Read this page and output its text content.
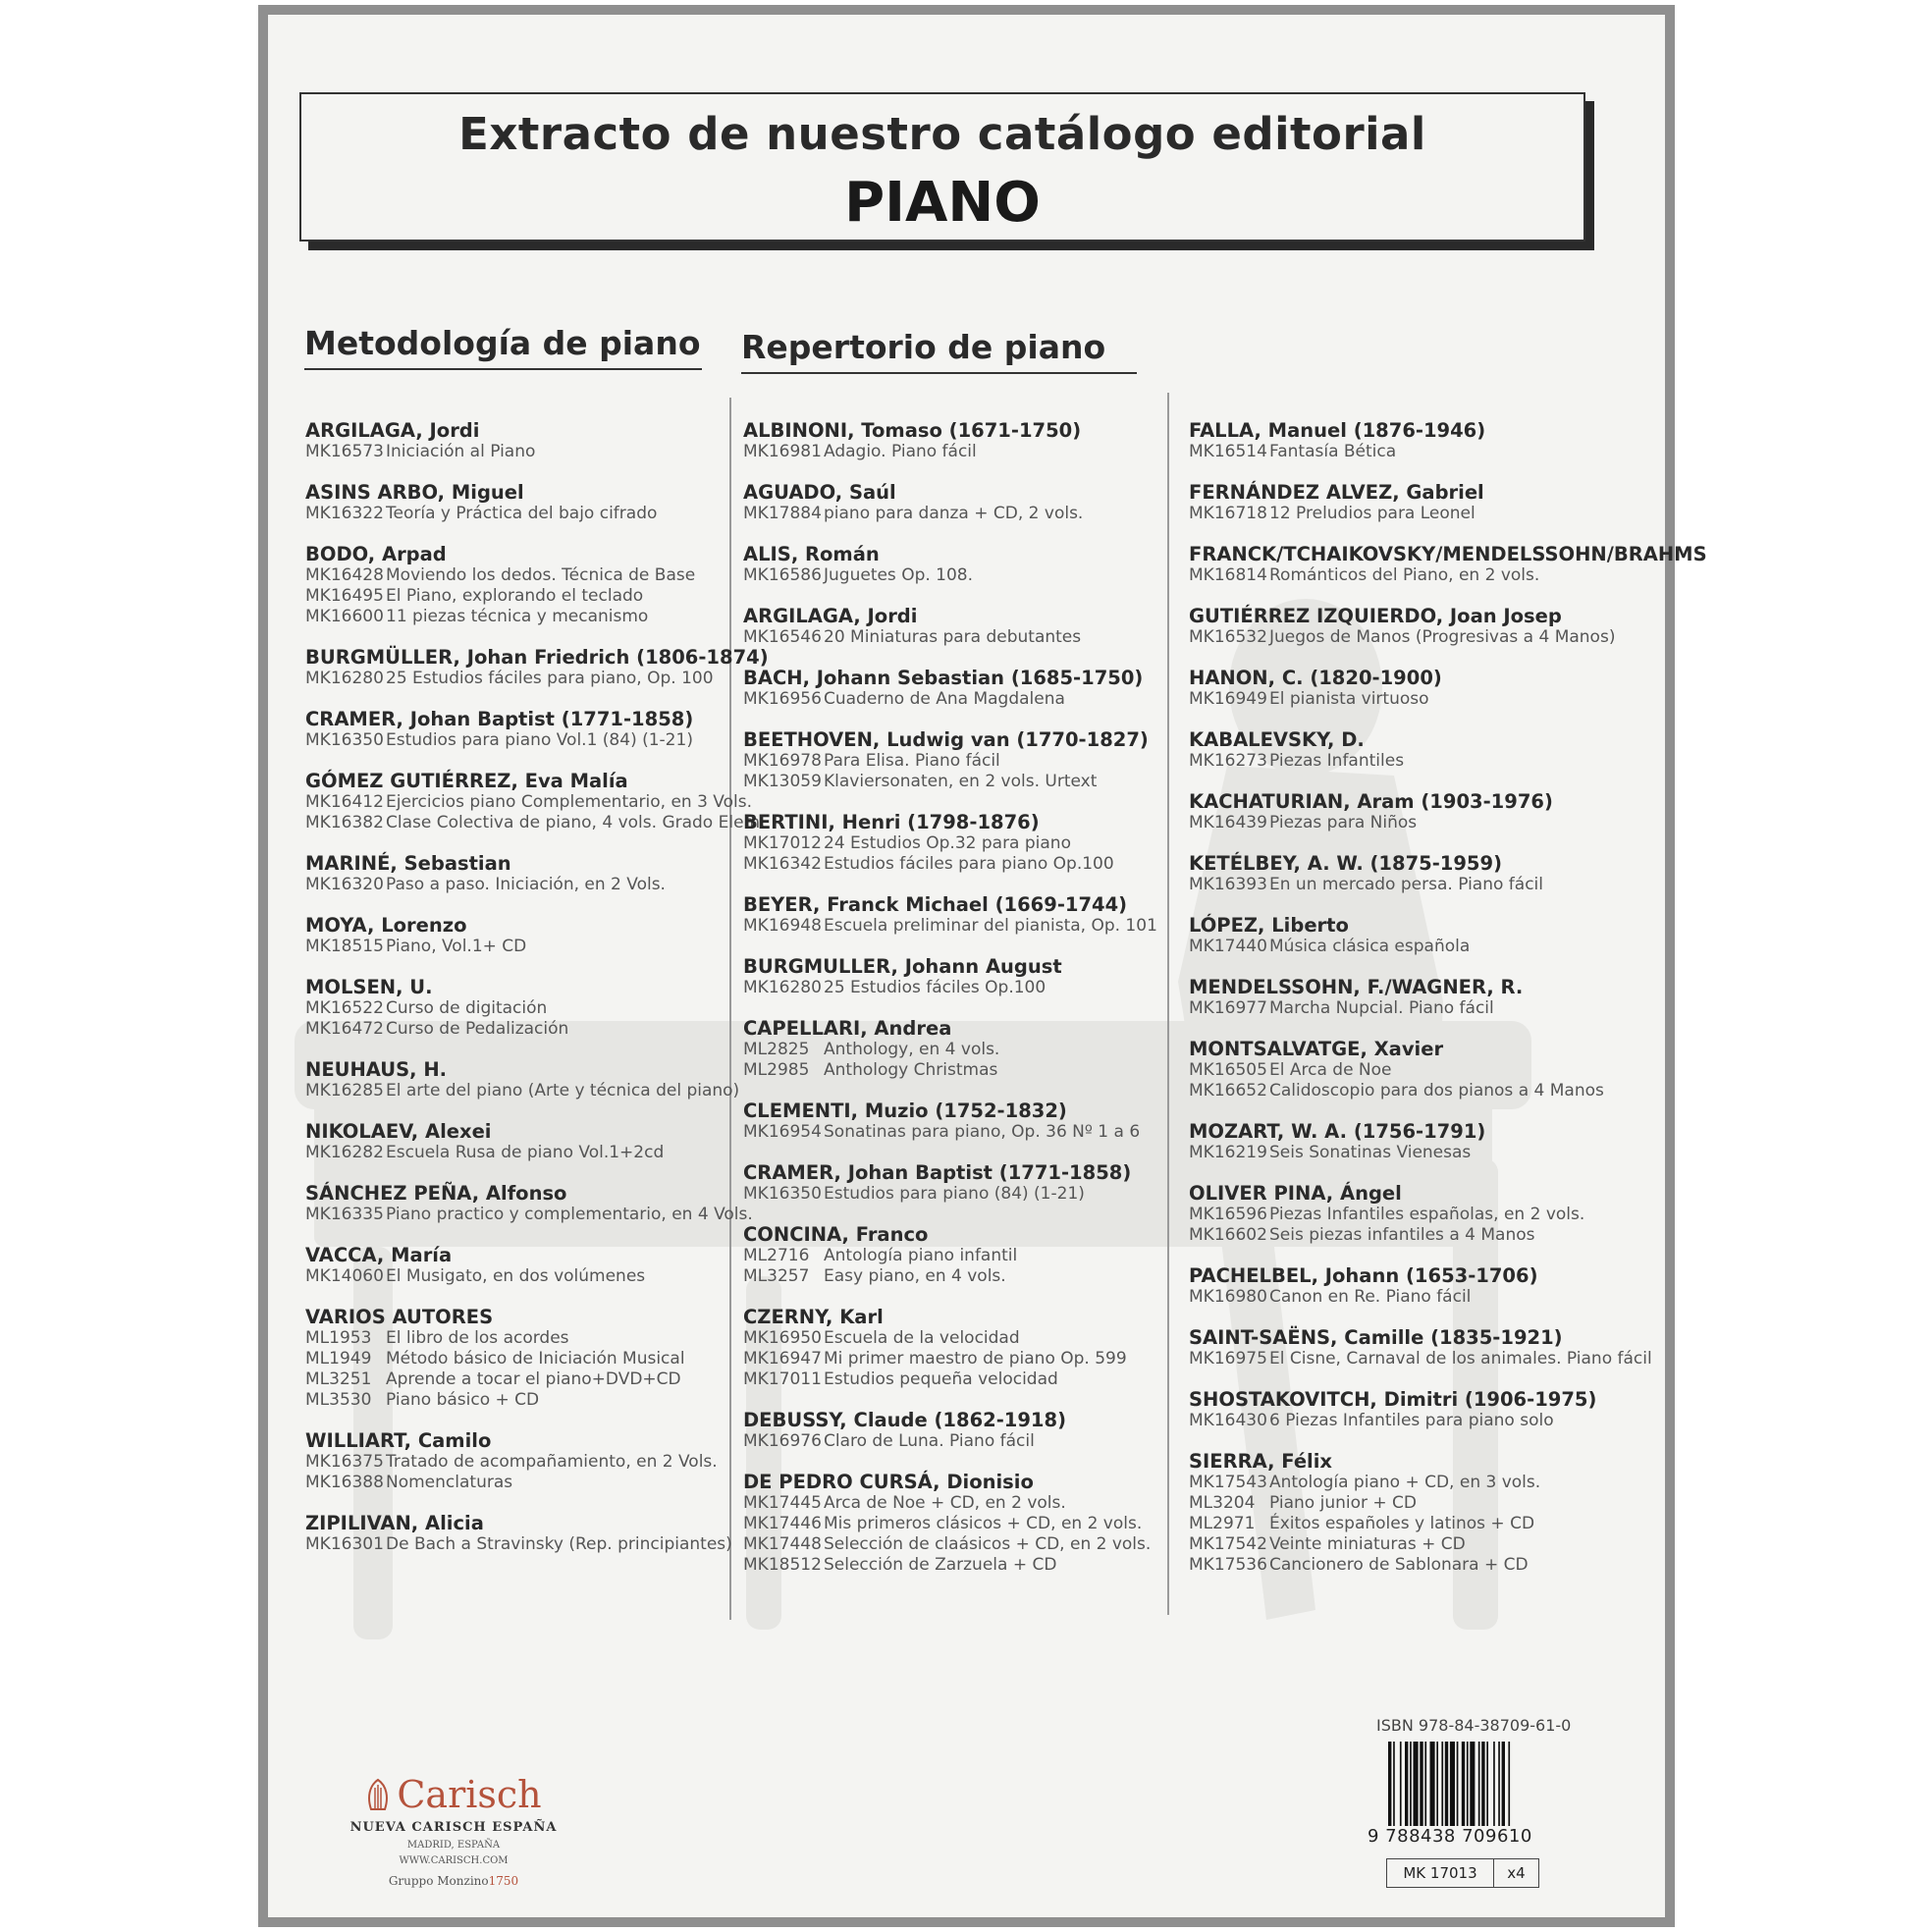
Extracto de nuestro catálogo editorial
PIANO
Metodología de piano Repertorio de piano
ARGILAGA, Jordi
MK16573 Iniciación al Piano
ASINS ARBO, Miguel
MK16322 Teoría y Práctica del bajo cifrado
BODO, Arpad
MK16428 Moviendo los dedos. Técnica de Base
MK16495 El Piano, explorando el teclado
MK16600 11 piezas técnica y mecanismo
BURGMÜLLER, Johan Friedrich (1806-1874)
MK16280 25 Estudios fáciles para piano, Op. 100
CRAMER, Johan Baptist (1771-1858)
MK16350 Estudios para piano Vol.1 (84) (1-21)
GÓMEZ GUTIÉRREZ, Eva Malía
MK16412 Ejercicios piano Complementario, en 3 Vols.
MK16382 Clase Colectiva de piano, 4 vols. Grado Elem.
MARINÉ, Sebastian
MK16320 Paso a paso. Iniciación, en 2 Vols.
MOYA, Lorenzo
MK18515 Piano, Vol.1+ CD
MOLSEN, U.
MK16522 Curso de digitación
MK16472 Curso de Pedalización
NEUHAUS, H.
MK16285 El arte del piano (Arte y técnica del piano)
NIKOLAEV, Alexei
MK16282 Escuela Rusa de piano Vol.1+2cd
SÁNCHEZ PEÑA, Alfonso
MK16335 Piano practico y complementario, en 4 Vols.
VACCA, María
MK14060 El Musigato, en dos volúmenes
VARIOS AUTORES
ML1953 El libro de los acordes
ML1949 Método básico de Iniciación Musical
ML3251 Aprende a tocar el piano+DVD+CD
ML3530 Piano básico + CD
WILLIART, Camilo
MK16375 Tratado de acompañamiento, en 2 Vols.
MK16388 Nomenclaturas
ZIPILIVAN, Alicia
MK16301 De Bach a Stravinsky (Rep. principiantes)
ALBINONI, Tomaso (1671-1750)
MK16981 Adagio. Piano fácil
AGUADO, Saúl
MK17884 piano para danza + CD, 2 vols.
ALIS, Román
MK16586 Juguetes Op. 108.
ARGILAGA, Jordi
MK16546 20 Miniaturas para debutantes
BACH, Johann Sebastian (1685-1750)
MK16956 Cuaderno de Ana Magdalena
BEETHOVEN, Ludwig van (1770-1827)
MK16978 Para Elisa. Piano fácil
MK13059 Klaviersonaten, en 2 vols. Urtext
BERTINI, Henri (1798-1876)
MK17012 24 Estudios Op.32 para piano
MK16342 Estudios fáciles para piano Op.100
BEYER, Franck Michael (1669-1744)
MK16948 Escuela preliminar del pianista, Op. 101
BURGMULLER, Johann August
MK16280 25 Estudios fáciles Op.100
CAPELLARI, Andrea
ML2825 Anthology, en 4 vols.
ML2985 Anthology Christmas
CLEMENTI, Muzio (1752-1832)
MK16954 Sonatinas para piano, Op. 36 Nº 1 a 6
CRAMER, Johan Baptist (1771-1858)
MK16350 Estudios para piano (84) (1-21)
CONCINA, Franco
ML2716 Antología piano infantil
ML3257 Easy piano, en 4 vols.
CZERNY, Karl
MK16950 Escuela de la velocidad
MK16947 Mi primer maestro de piano Op. 599
MK17011 Estudios pequeña velocidad
DEBUSSY, Claude (1862-1918)
MK16976 Claro de Luna. Piano fácil
DE PEDRO CURSÁ, Dionisio
MK17445 Arca de Noe + CD, en 2 vols.
MK17446 Mis primeros clásicos + CD, en 2 vols.
MK17448 Selección de claásicos + CD, en 2 vols.
MK18512 Selección de Zarzuela + CD
FALLA, Manuel (1876-1946)
MK16514 Fantasía Bética
FERNÁNDEZ ALVEZ, Gabriel
MK16718 12 Preludios para Leonel
FRANCK/TCHAIKOVSKY/MENDELSSOHN/BRAHMS
MK16814 Románticos del Piano, en 2 vols.
GUTIÉRREZ IZQUIERDO, Joan Josep
MK16532 Juegos de Manos (Progresivas a 4 Manos)
HANON, C. (1820-1900)
MK16949 El pianista virtuoso
KABALEVSKY, D.
MK16273 Piezas Infantiles
KACHATURIAN, Aram (1903-1976)
MK16439 Piezas para Niños
KETÉLBEY, A. W. (1875-1959)
MK16393 En un mercado persa. Piano fácil
LÓPEZ, Liberto
MK17440 Música clásica española
MENDELSSOHN, F./WAGNER, R.
MK16977 Marcha Nupcial. Piano fácil
MONTSALVATGE, Xavier
MK16505 El Arca de Noe
MK16652 Calidoscopio para dos pianos a 4 Manos
MOZART, W. A. (1756-1791)
MK16219 Seis Sonatinas Vienesas
OLIVER PINA, Ángel
MK16596 Piezas Infantiles españolas, en 2 vols.
MK16602 Seis piezas infantiles a 4 Manos
PACHELBEL, Johann (1653-1706)
MK16980 Canon en Re. Piano fácil
SAINT-SAËNS, Camille (1835-1921)
MK16975 El Cisne, Carnaval de los animales. Piano fácil
SHOSTAKOVITCH, Dimitri (1906-1975)
MK16430 6 Piezas Infantiles para piano solo
SIERRA, Félix
MK17543 Antología piano + CD, en 3 vols.
ML3204 Piano junior + CD
ML2971 Éxitos españoles y latinos + CD
MK17542 Veinte miniaturas + CD
MK17536 Cancionero de Sablonara + CD
Carisch
NUEVA CARISCH ESPAÑA
MADRID, ESPAÑA
WWW.CARISCH.COM
Gruppo Monzino1750
ISBN 978-84-38709-61-0
9 788438 709610
MK 17013	x4
